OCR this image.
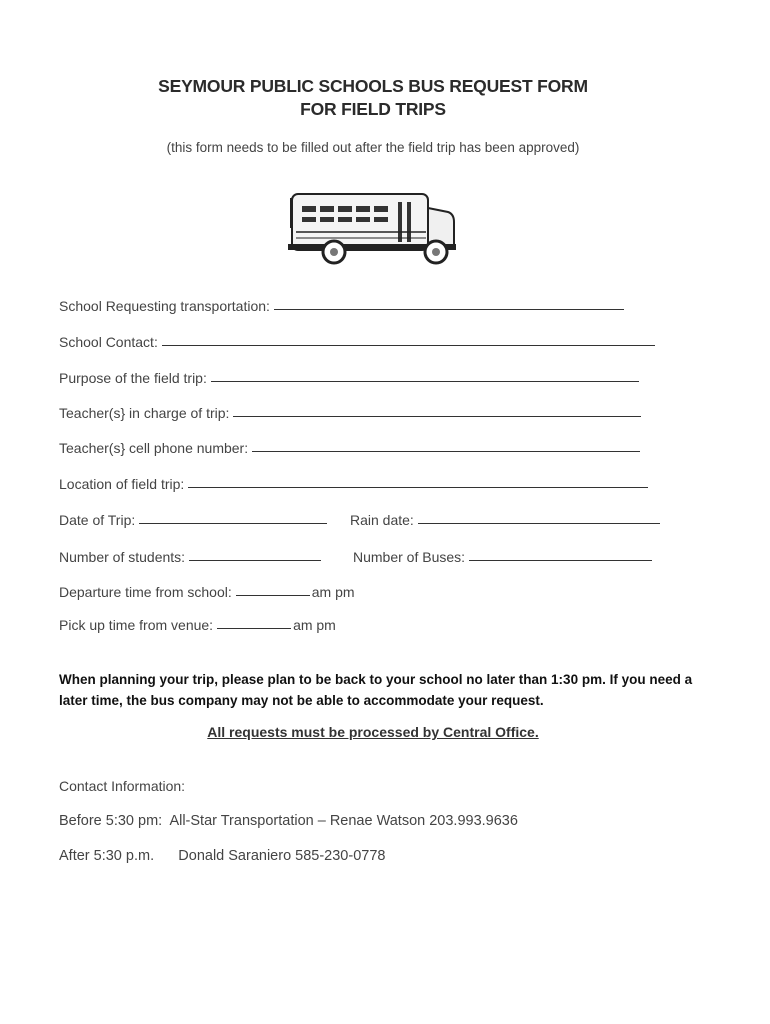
SEYMOUR PUBLIC SCHOOLS BUS REQUEST FORM
FOR FIELD TRIPS
(this form needs to be filled out after the field trip has been approved)
School Requesting transportation:
School Contact:
Purpose of the field trip:
Teacher(s} in charge of trip:
Teacher(s} cell phone number:
Location of field trip:
Date of Trip:	Rain date:
Number of students:	Number of Buses:
Departure time from school:	am pm
Pick up time from venue:	am pm
When planning your trip, please plan to be back to your school no later than 1:30 pm. If you need a later time, the bus company may not be able to accommodate your request.
All requests must be processed by Central Office.
Contact Information:
Before 5:30 pm: All-Star Transportation – Renae Watson 203.993.9636
After 5:30 p.m. Donald Saraniero 585-230-0778
